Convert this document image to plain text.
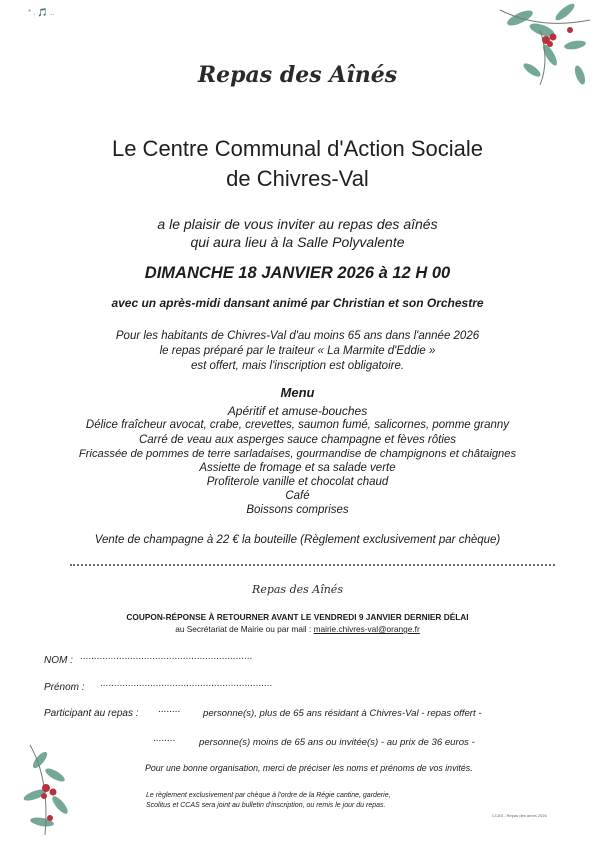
* . 🎵 ..
Repas des Aînés
Le Centre Communal d'Action Sociale
de Chivres-Val
a le plaisir de vous inviter au repas des aînés
qui aura lieu à la Salle Polyvalente
DIMANCHE 18 JANVIER 2026 à 12 H 00
avec un après-midi dansant animé par Christian et son Orchestre
Pour les habitants de Chivres-Val d'au moins 65 ans dans l'année 2026
le repas préparé par le traiteur « La Marmite d'Eddie »
est offert, mais l'inscription est obligatoire.
Menu
Apéritif et amuse-bouches
Délice fraîcheur avocat, crabe, crevettes, saumon fumé, salicornes, pomme granny
Carré de veau aux asperges sauce champagne et fèves rôties
Fricassée de pommes de terre sarladaises, gourmandise de champignons et châtaignes
Assiette de fromage et sa salade verte
Profiterole vanille et chocolat chaud
Café
Boissons comprises
Vente de champagne à 22 € la bouteille (Règlement exclusivement par chèque)
Repas des Aînés
COUPON-RÉPONSE À RETOURNER AVANT LE VENDREDI 9 JANVIER DERNIER DÉLAI
au Secrétariat de Mairie ou par mail : mairie.chivres-val@orange.fr
NOM : ..............................................................
Prénom : ..............................................................
Participant au repas : ........ personne(s), plus de 65 ans résidant à Chivres-Val - repas offert -
........ personne(s) moins de 65 ans ou invitée(s) - au prix de 36 euros -
Pour une bonne organisation, merci de préciser les noms et prénoms de vos invités.
Le règlement exclusivement par chèque à l'ordre de la Régie cantine, garderie,
Scolitus et CCAS sera joint au bulletin d'inscription, ou remis le jour du repas.
CCAS - Repas des aînés 2026
